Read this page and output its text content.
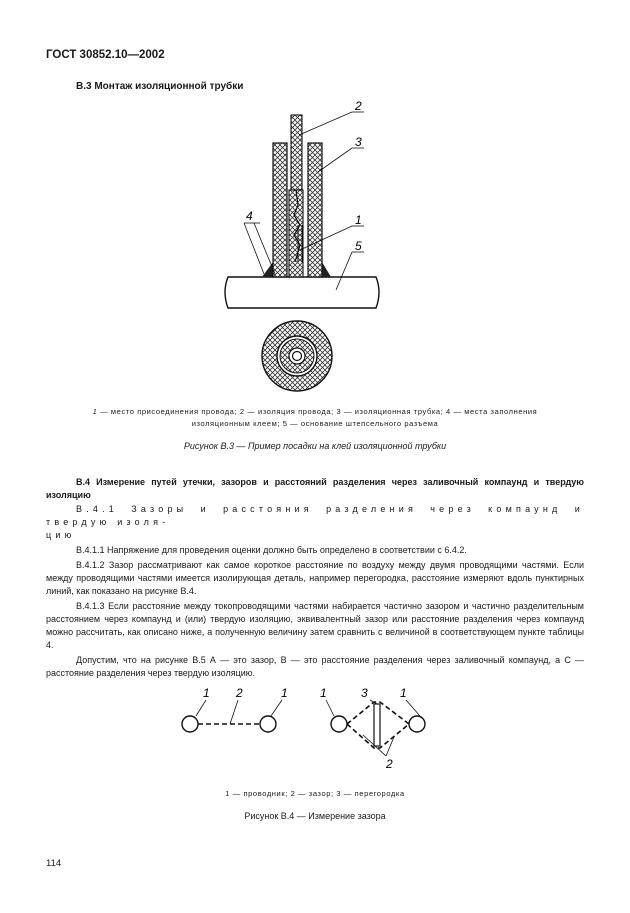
ГОСТ 30852.10—2002
В.3 Монтаж изоляционной трубки
2
3
1
5
4
1 — место присоединения провода; 2 — изоляция провода; 3 — изоляционная трубка; 4 — места заполнения
изоляционным клеем; 5 — основание штепсельного разъема
Рисунок В.3 — Пример посадки на клей изоляционной трубки

В.4 Измерение путей утечки, зазоров и расстояний разделения через заливочный компаунд и твердую изоляцию

В.4.1 Зазоры и расстояния разделения через компаунд и твердую изоля-

цию

В.4.1.1 Напряжение для проведения оценки должно быть определено в соответствии с 6.4.2.

В.4.1.2 Зазор рассматривают как самое короткое расстояние по воздуху между двумя проводящими частями. Если между проводящими частями имеется изолирующая деталь, например перегородка, расстояние измеряют вдоль пунктирных линий, как показано на рисунке В.4.

В.4.1.3 Если расстояние между токопроводящими частями набирается частично зазором и частично разделительным расстоянием через компаунд и (или) твердую изоляцию, эквивалентный зазор или расстояние разделения через компаунд можно рассчитать, как описано ниже, а полученную величину затем сравнить с величиной в соответствующем пункте таблицы 4.

Допустим, что на рисунке В.5 А — это зазор, В — это расстояние разделения через заливочный компаунд, а С — расстояние разделения через твердую изоляцию.

1 2	1	1	3	1
2
1 — проводник; 2 — зазор; 3 — перегородка
Рисунок В.4 — Измерение зазора
114
